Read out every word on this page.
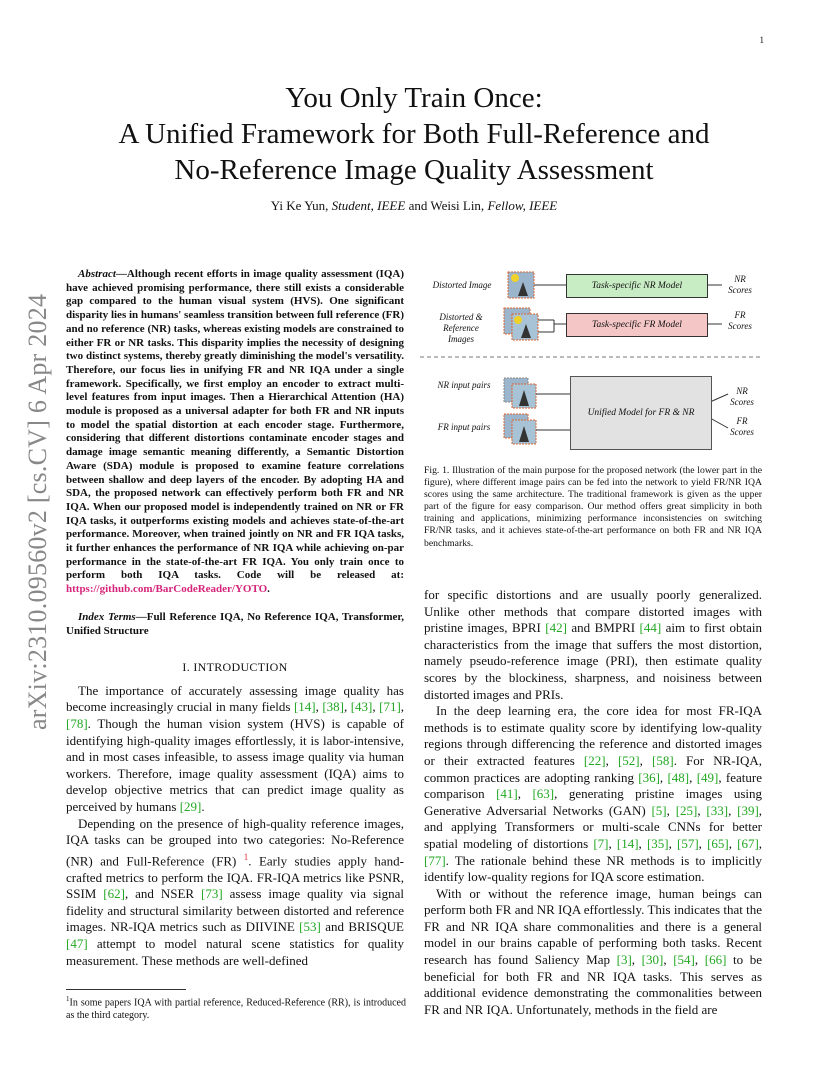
1
You Only Train Once:
A Unified Framework for Both Full-Reference and
No-Reference Image Quality Assessment
Yi Ke Yun, Student, IEEE and Weisi Lin, Fellow, IEEE
arXiv:2310.09560v2 [cs.CV] 6 Apr 2024

Abstract—Although recent efforts in image quality assessment (IQA) have achieved promising performance, there still exists a considerable gap compared to the human visual system (HVS). One significant disparity lies in humans' seamless transition between full reference (FR) and no reference (NR) tasks, whereas existing models are constrained to either FR or NR tasks. This disparity implies the necessity of designing two distinct systems, thereby greatly diminishing the model's versatility. Therefore, our focus lies in unifying FR and NR IQA under a single framework. Specifically, we first employ an encoder to extract multi-level features from input images. Then a Hierarchical Attention (HA) module is proposed as a universal adapter for both FR and NR inputs to model the spatial distortion at each encoder stage. Furthermore, considering that different distortions contaminate encoder stages and damage image semantic meaning differently, a Semantic Distortion Aware (SDA) module is proposed to examine feature correlations between shallow and deep layers of the encoder. By adopting HA and SDA, the proposed network can effectively perform both FR and NR IQA. When our proposed model is independently trained on NR or FR IQA tasks, it outperforms existing models and achieves state-of-the-art performance. Moreover, when trained jointly on NR and FR IQA tasks, it further enhances the performance of NR IQA while achieving on-par performance in the state-of-the-art FR IQA. You only train once to perform both IQA tasks. Code will be released at: https://github.com/BarCodeReader/YOTO.

Index Terms—Full Reference IQA, No Reference IQA, Transformer, Unified Structure

I. INTRODUCTION

The importance of accurately assessing image quality has become increasingly crucial in many fields [14], [38], [43], [71], [78]. Though the human vision system (HVS) is capable of identifying high-quality images effortlessly, it is labor-intensive, and in most cases infeasible, to assess image quality via human workers. Therefore, image quality assessment (IQA) aims to develop objective metrics that can predict image quality as perceived by humans [29].

Depending on the presence of high-quality reference images, IQA tasks can be grouped into two categories: No-Reference (NR) and Full-Reference (FR) $^1$. Early studies apply hand-crafted metrics to perform the IQA. FR-IQA metrics like PSNR, SSIM [62], and NSER [73] assess image quality via signal fidelity and structural similarity between distorted and reference images. NR-IQA metrics such as DIIVINE [53] and BRISQUE [47] attempt to model natural scene statistics for quality measurement. These methods are well-defined

$^1$In some papers IQA with partial reference, Reduced-Reference (RR), is introduced as the third category.
Distorted Image
Distorted &
Reference
Images
Task-specific NR Model
Task-specific FR Model
NR
Scores
FR
Scores
NR input pairs
FR input pairs
Unified Model for FR & NR
NR
Scores
FR
Scores
Fig. 1. Illustration of the main purpose for the proposed network (the lower part in the figure), where different image pairs can be fed into the network to yield FR/NR IQA scores using the same architecture. The traditional framework is given as the upper part of the figure for easy comparison. Our method offers great simplicity in both training and applications, minimizing performance inconsistencies on switching FR/NR tasks, and it achieves state-of-the-art performance on both FR and NR IQA benchmarks.

for specific distortions and are usually poorly generalized. Unlike other methods that compare distorted images with pristine images, BPRI [42] and BMPRI [44] aim to first obtain characteristics from the image that suffers the most distortion, namely pseudo-reference image (PRI), then estimate quality scores by the blockiness, sharpness, and noisiness between distorted images and PRIs.

In the deep learning era, the core idea for most FR-IQA methods is to estimate quality score by identifying low-quality regions through differencing the reference and distorted images or their extracted features [22], [52], [58]. For NR-IQA, common practices are adopting ranking [36], [48], [49], feature comparison [41], [63], generating pristine images using Generative Adversarial Networks (GAN) [5], [25], [33], [39], and applying Transformers or multi-scale CNNs for better spatial modeling of distortions [7], [14], [35], [57], [65], [67], [77]. The rationale behind these NR methods is to implicitly identify low-quality regions for IQA score estimation.

With or without the reference image, human beings can perform both FR and NR IQA effortlessly. This indicates that the FR and NR IQA share commonalities and there is a general model in our brains capable of performing both tasks. Recent research has found Saliency Map [3], [30], [54], [66] to be beneficial for both FR and NR IQA tasks. This serves as additional evidence demonstrating the commonalities between FR and NR IQA. Unfortunately, methods in the field are
